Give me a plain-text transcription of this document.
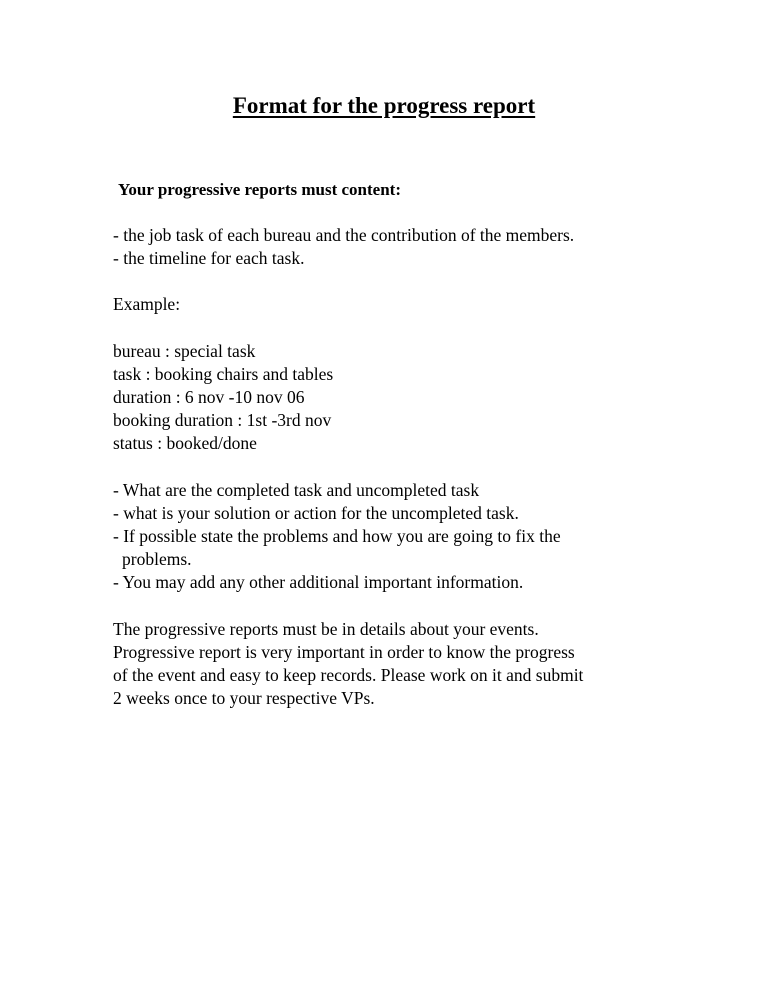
Format for the progress report
Your progressive reports must content:
- the job task of each bureau and the contribution of the members.
- the timeline for each task.
Example:
bureau : special task
task : booking chairs and tables
duration : 6 nov -10 nov 06
booking duration : 1st -3rd nov
status : booked/done
- What are the completed task and uncompleted task
- what is your solution or action for the uncompleted task.
- If possible state the problems and how you are going to fix the
problems.
- You may add any other additional important information.
The progressive reports must be in details about your events.
Progressive report is very important in order to know the progress
of the event and easy to keep records. Please work on it and submit
2 weeks once to your respective VPs.
